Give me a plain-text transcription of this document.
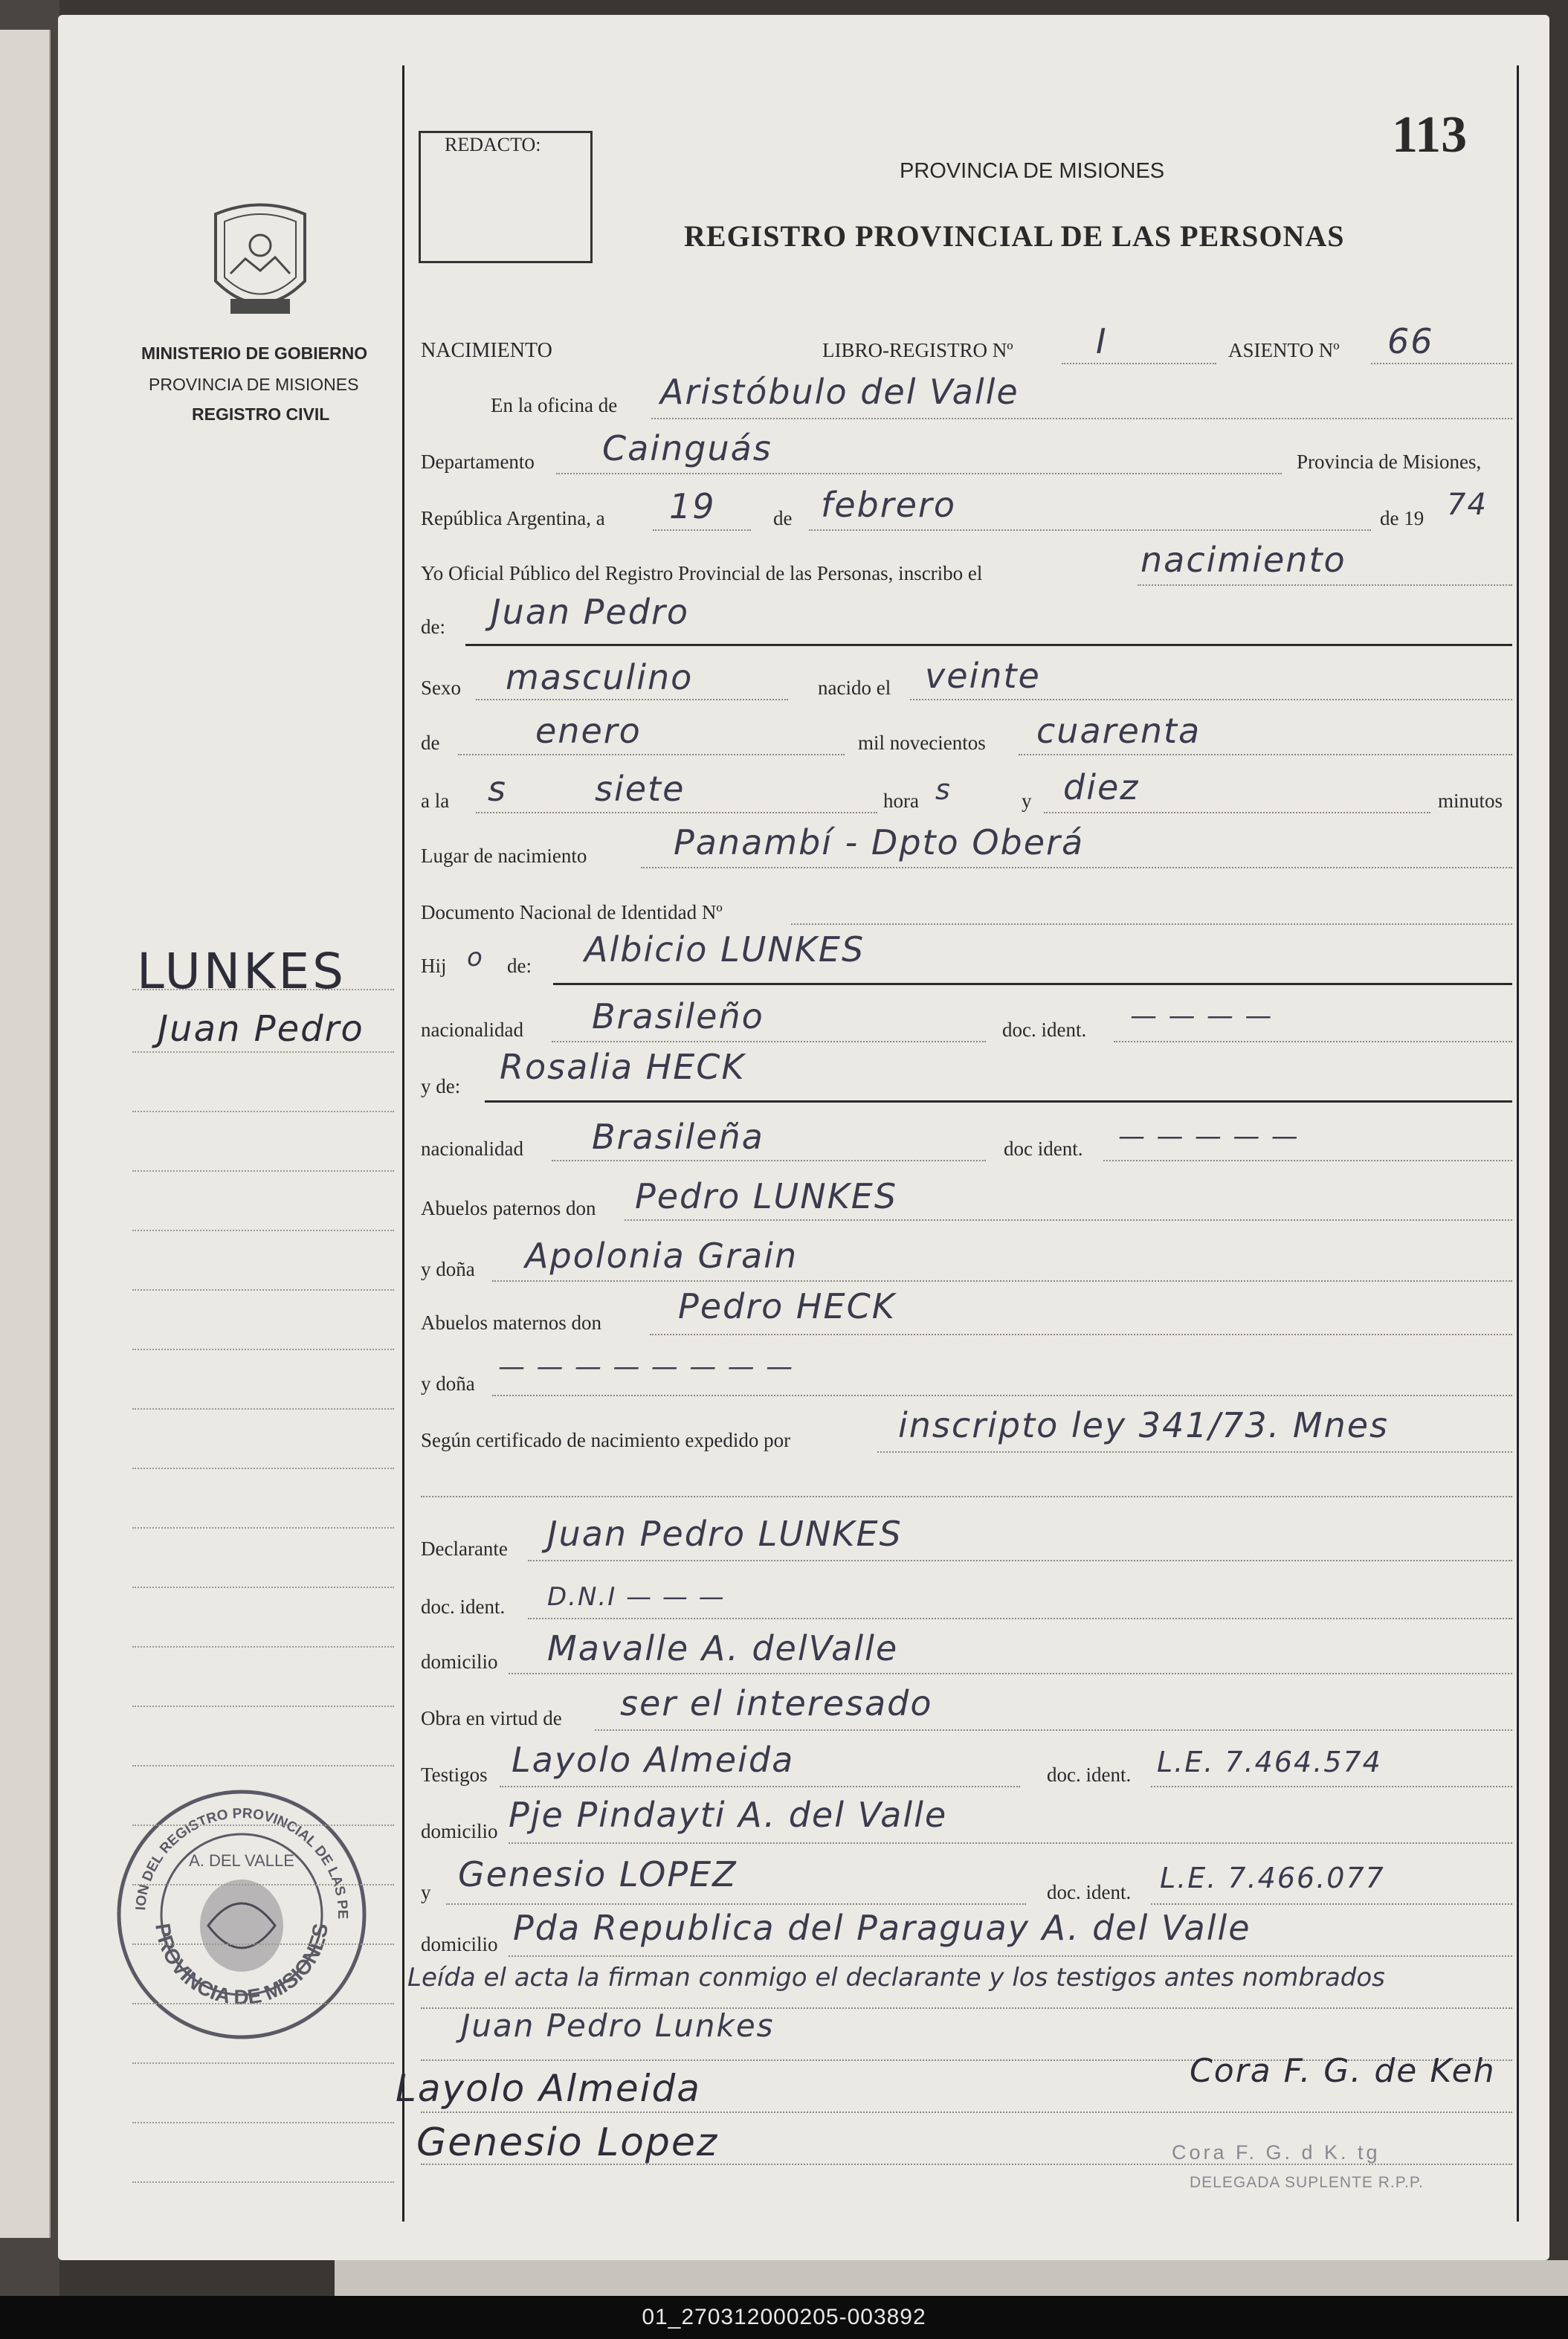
REDACTO:	113
PROVINCIA DE MISIONES
REGISTRO PROVINCIAL DE LAS PERSONAS
MINISTERIO DE GOBIERNO
PROVINCIA DE MISIONES
REGISTRO CIVIL
NACIMIENTO	LIBRO-REGISTRO Nº I	ASIENTO Nº 66
En la oficina de Aristóbulo del Valle
Departamento Cainguás	Provincia de Misiones,
República Argentina, a 19	de febrero	de 19 74
Yo Oficial Público del Registro Provincial de las Personas, inscribo el	nacimiento
de: Juan Pedro
Sexo masculino	nacido el veinte
de	enero	mil novecientos cuarenta
a la s	siete	hora s	y diez	minutos
Lugar de nacimiento	Panambí - Dpto Oberá
Documento Nacional de Identidad Nº
Hij o de: Albicio LUNKES
nacionalidad Brasileño	doc. ident. — — — —
y de: Rosalia HECK
nacionalidad Brasileña	doc ident. — — — — —
Abuelos paternos don Pedro LUNKES
y doña Apolonia Grain
Abuelos maternos don Pedro HECK
y doña
— — — — — — — —
Según certificado de nacimiento expedido por	inscripto ley 341/73. Mnes
Declarante Juan Pedro LUNKES
doc. ident. D.N.I — — —
domicilio Mavalle A. delValle
Obra en virtud de ser el interesado
Testigos Layolo Almeida	doc. ident. L.E. 7.464.574
domicilio Pje Pindayti A. del Valle
y Genesio LOPEZ	doc. ident. L.E. 7.466.077
domicilio Pda Republica del Paraguay A. del Valle
Leída el acta la firman conmigo el declarante y los testigos antes nombrados
Juan Pedro Lunkes
Layolo Almeida
Genesio Lopez
Cora F. G. de Keh
Cora F. G. d K. tg
DELEGADA SUPLENTE R.P.P.
ION DEL REGISTRO PROVINCIAL DE LAS PE
PROVINCIA DE MISIONES
A. DEL VALLE
LUNKES
Juan Pedro
01_270312000205-003892
